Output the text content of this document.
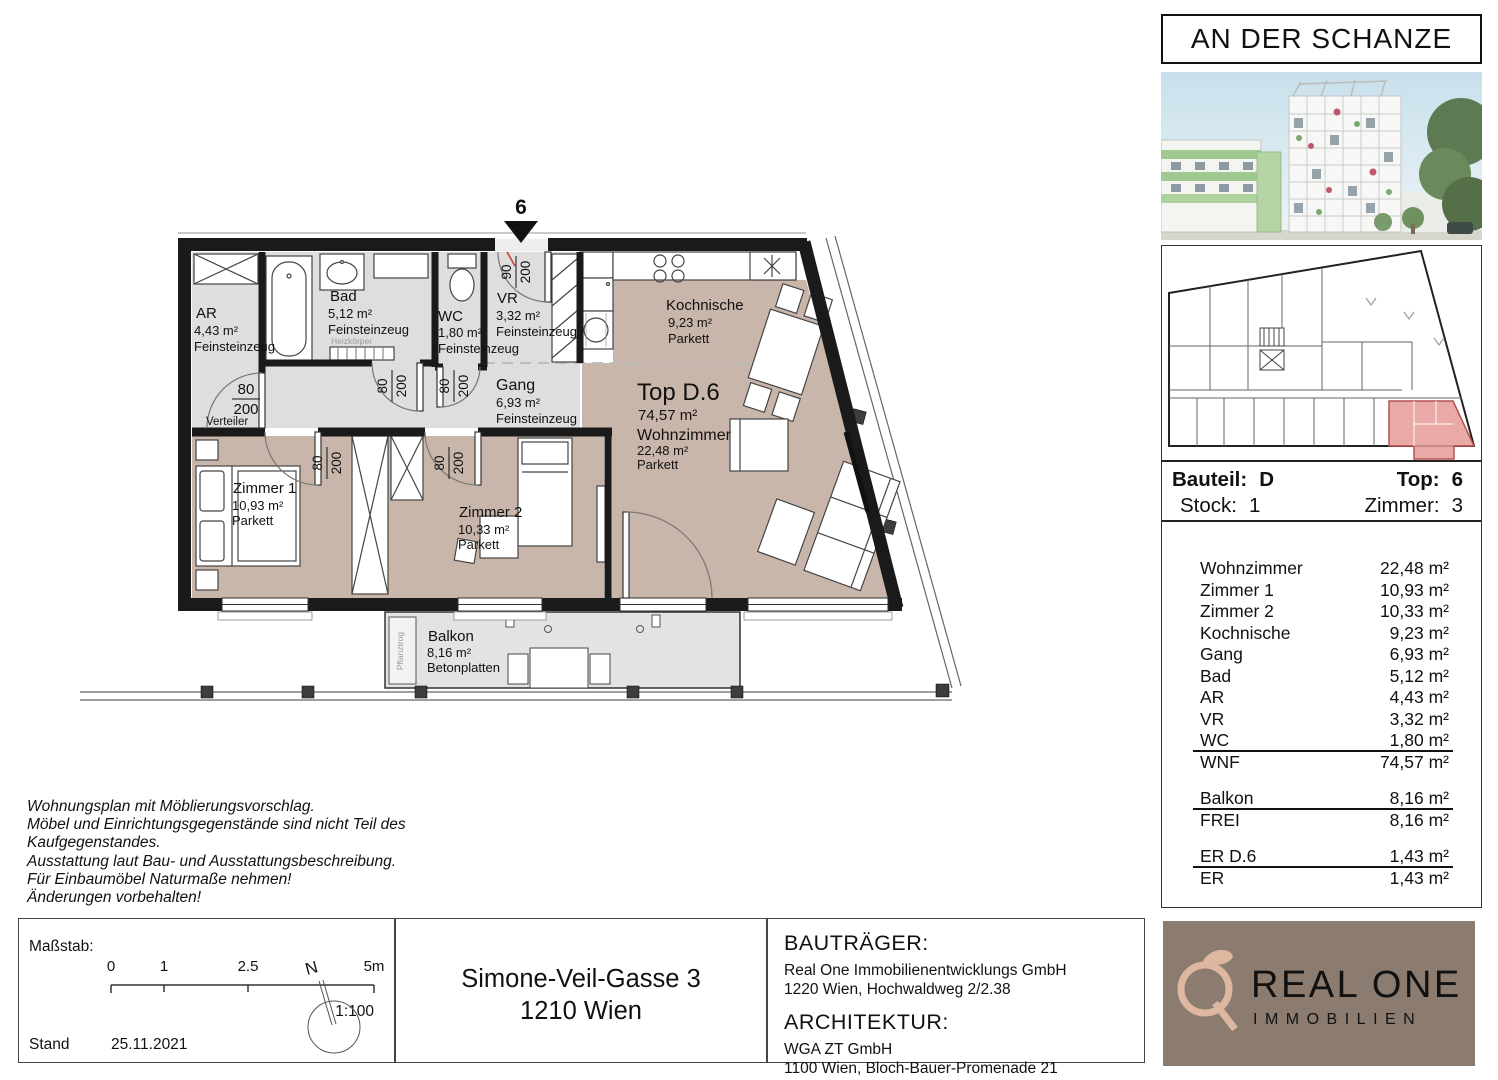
Pflanztrog Balkon
8,16 m²
Betonplatten
90 200
80 200 80 200
80 200	80 200
80
200
Verteiler
Heizkörper
AR
4,43 m²
Feinsteinzeug
Bad
5,12 m²
Feinsteinzeug
WC
1,80 m²
Feinsteinzeug
VR
3,32 m²
Feinsteinzeug
Gang
6,93 m²
Feinsteinzeug
Kochnische
9,23 m²
Parkett
Top D.6
74,57 m²
Wohnzimmer
22,48 m²
Parkett
Zimmer 1
10,93 m²
Parkett	Zimmer 2
10,33 m²
Parkett
6
Wohnungsplan mit Möblierungsvorschlag.
Möbel und Einrichtungsgegenstände sind nicht Teil des
Kaufgegenstandes.
Ausstattung laut Bau- und Ausstattungsbeschreibung.
Für Einbaumöbel Naturmaße nehmen!
Änderungen vorbehalten!
AN DER SCHANZE
Bauteil: D	Top: 6
Stock: 1	Zimmer: 3
Wohnzimmer	22,48 m²
Zimmer 1	10,93 m²
Zimmer 2	10,33 m²
Kochnische	9,23 m²
Gang	6,93 m²
Bad	5,12 m²
AR	4,43 m²
VR	3,32 m²
WC	1,80 m²
WNF	74,57 m²
Balkon	8,16 m²
FREI	8,16 m²
ER D.6	1,43 m²
ER	1,43 m²
REAL ONE
IMMOBILIEN
Maßstab:
0	1	2.5	5m
1:100
N
Stand	25.11.2021
Simone-Veil-Gasse 3
1210 Wien
BAUTRÄGER:
Real One Immobilienentwicklungs GmbH
1220 Wien, Hochwaldweg 2/2.38
ARCHITEKTUR:
WGA ZT GmbH
1100 Wien, Bloch-Bauer-Promenade 21
